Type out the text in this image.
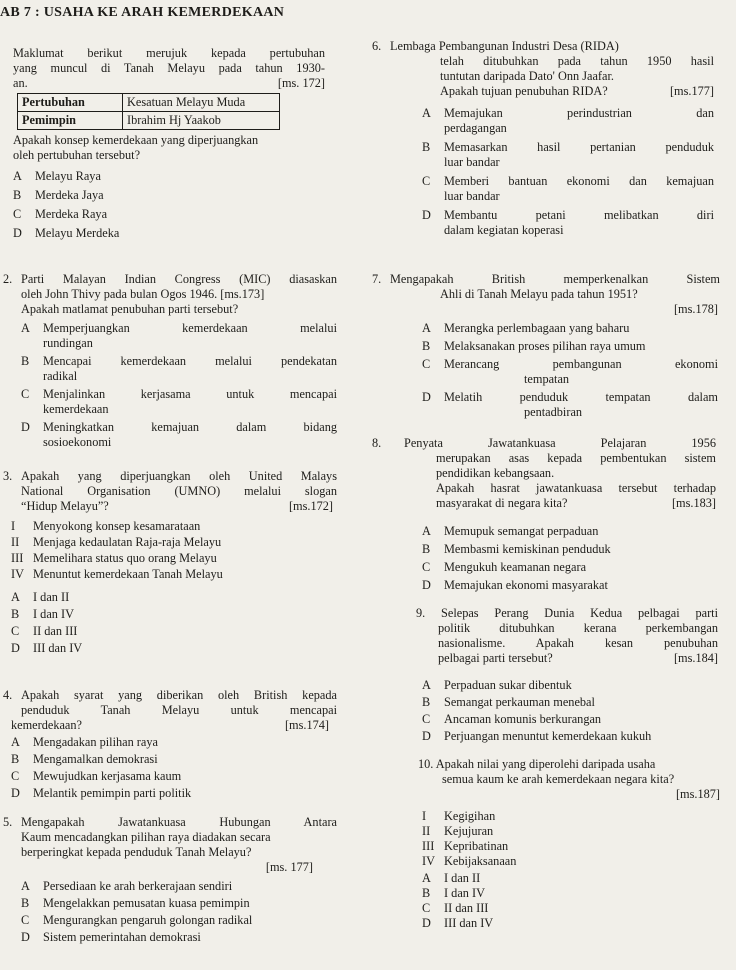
AB 7 : USAHA KE ARAH KEMERDEKAAN
Maklumat berikut merujuk kepada pertubuhan
yang muncul di Tanah Melayu pada tahun 1930-
an.	[ms. 172]
Pertubuhan	Kesatuan Melayu Muda
Pemimpin	Ibrahim Hj Yaakob
Apakah konsep kemerdekaan yang diperjuangkan
oleh pertubuhan tersebut?
A	Melayu Raya
B	Merdeka Jaya
C	Merdeka Raya
D	Melayu Merdeka
2. Parti Malayan Indian Congress (MIC) diasaskan
oleh John Thivy pada bulan Ogos 1946. [ms.173]
Apakah matlamat penubuhan parti tersebut?
A	Memperjuangkan kemerdekaan melalui
rundingan
B	Mencapai kemerdekaan melalui pendekatan
radikal
C	Menjalinkan kerjasama untuk mencapai
kemerdekaan
D	Meningkatkan kemajuan dalam bidang
sosioekonomi
3. Apakah yang diperjuangkan oleh United Malays
National Organisation (UMNO) melalui slogan
“Hidup Melayu”?	[ms.172]
I	Menyokong konsep kesamarataan
II	Menjaga kedaulatan Raja-raja Melayu
III Memelihara status quo orang Melayu
IV Menuntut kemerdekaan Tanah Melayu
A	I dan II
B	I dan IV
C	II dan III
D	III dan IV
4. Apakah syarat yang diberikan oleh British kepada
penduduk Tanah Melayu untuk mencapai
kemerdekaan?	[ms.174]
A	Mengadakan pilihan raya
B	Mengamalkan demokrasi
C	Mewujudkan kerjasama kaum
D	Melantik pemimpin parti politik
5. Mengapakah Jawatankuasa Hubungan Antara
Kaum mencadangkan pilihan raya diadakan secara
berperingkat kepada penduduk Tanah Melayu?
[ms. 177]
A	Persediaan ke arah berkerajaan sendiri
B	Mengelakkan pemusatan kuasa pemimpin
C	Mengurangkan pengaruh golongan radikal
D	Sistem pemerintahan demokrasi
6. Lembaga Pembangunan Industri Desa (RIDA)
telah ditubuhkan pada tahun 1950 hasil
tuntutan daripada Dato' Onn Jaafar.
Apakah tujuan penubuhan RIDA?	[ms.177]
A	Memajukan perindustrian dan
perdagangan
B	Memasarkan hasil pertanian penduduk
luar bandar
C	Memberi bantuan ekonomi dan kemajuan
luar bandar
D	Membantu petani melibatkan diri
dalam kegiatan koperasi
7. Mengapakah British memperkenalkan Sistem
Ahli di Tanah Melayu pada tahun 1951?
[ms.178]
A	Merangka perlembagaan yang baharu
B	Melaksanakan proses pilihan raya umum
C	Merancang pembangunan ekonomi
tempatan
D	Melatih penduduk tempatan dalam
pentadbiran
8.	Penyata Jawatankuasa Pelajaran 1956
merupakan asas kepada pembentukan sistem
pendidikan kebangsaan.
Apakah hasrat jawatankuasa tersebut terhadap
masyarakat di negara kita?	[ms.183]
A	Memupuk semangat perpaduan
B	Membasmi kemiskinan penduduk
C	Mengukuh keamanan negara
D	Memajukan ekonomi masyarakat
9. Selepas Perang Dunia Kedua pelbagai parti
politik ditubuhkan kerana perkembangan
nasionalisme. Apakah kesan penubuhan
pelbagai parti tersebut?	[ms.184]
A	Perpaduan sukar dibentuk
B	Semangat perkauman menebal
C	Ancaman komunis berkurangan
D	Perjuangan menuntut kemerdekaan kukuh
10. Apakah nilai yang diperolehi daripada usaha
semua kaum ke arah kemerdekaan negara kita?
[ms.187]
I	Kegigihan
II	Kejujuran
III Kepribatinan
IV Kebijaksanaan
A	I dan II
B	I dan IV
C	II dan III
D	III dan IV
